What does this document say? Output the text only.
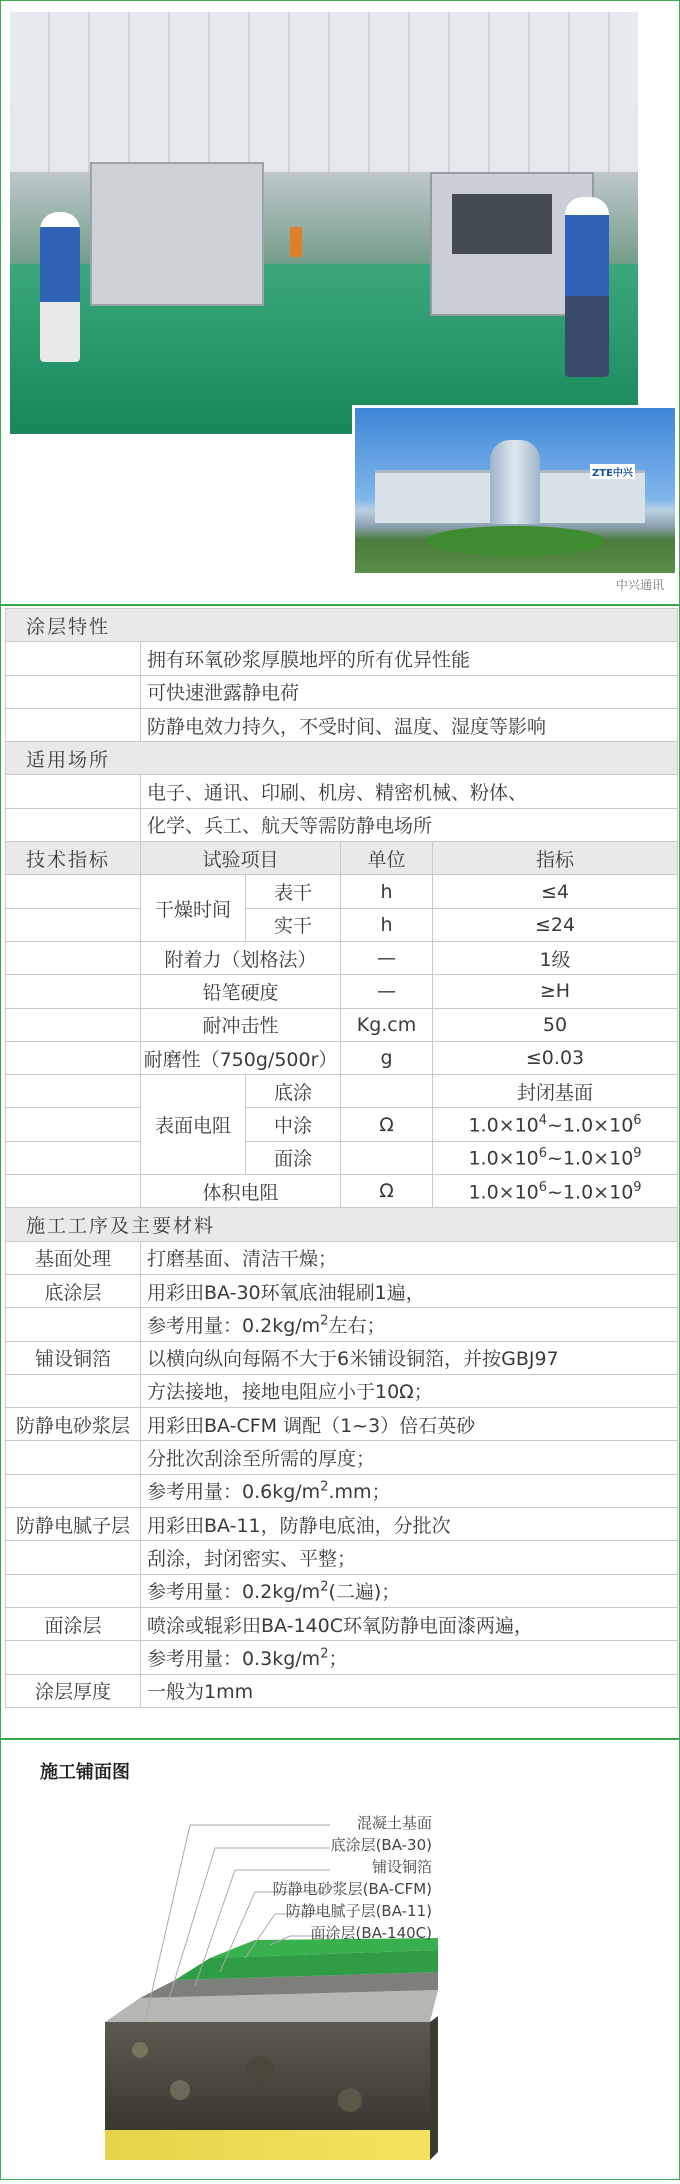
ZTE中兴
中兴通讯
涂层特性				
	拥有环氧砂浆厚膜地坪的所有优异性能			
	可快速泄露静电荷			
	防静电效力持久，不受时间、温度、湿度等影响			
适用场所				
	电子、通讯、印刷、机房、精密机械、粉体、			
	化学、兵工、航天等需防静电场所			
技术指标	试验项目		单位	指标
	干燥时间	表干	h	≤4
		实干	h	≤24
	附着力（划格法）		—	1级
	铅笔硬度		—	≥H
	耐冲击性		Kg.cm	50
	耐磨性（750g/500r）		g	≤0.03
	表面电阻	底涂		封闭基面
		中涂	Ω	$1.0\times 10^4\sim 1.0\times 10^6$
		面涂		$1.0\times 10^6\sim 1.0\times 10^9$
	体积电阻		Ω	$1.0\times 10^6\sim 1.0\times 10^9$
施工工序及主要材料				
基面处理	打磨基面、清洁干燥；			
底涂层	用彩田BA-30环氧底油辊刷1遍，			
	参考用量：$0.2kg/m^2$左右；			
铺设铜箔	以横向纵向每隔不大于6米铺设铜箔，并按GBJ97			
	方法接地，接地电阻应小于10Ω；			
防静电砂浆层	用彩田BA-CFM 调配（1~3）倍石英砂			
	分批次刮涂至所需的厚度；			
	参考用量：$0.6kg/m^2.mm$；			
防静电腻子层	用彩田BA-11，防静电底油，分批次			
	刮涂，封闭密实、平整；			
	参考用量：$0.2kg/m^2$(二遍)；			
面涂层	喷涂或辊彩田BA-140C环氧防静电面漆两遍，			
	参考用量：$0.3kg/m^2$；			
涂层厚度	一般为1mm			
施工铺面图
混凝土基面
底涂层(BA-30)
铺设铜箔
防静电砂浆层(BA-CFM)
防静电腻子层(BA-11)
面涂层(BA-140C)
